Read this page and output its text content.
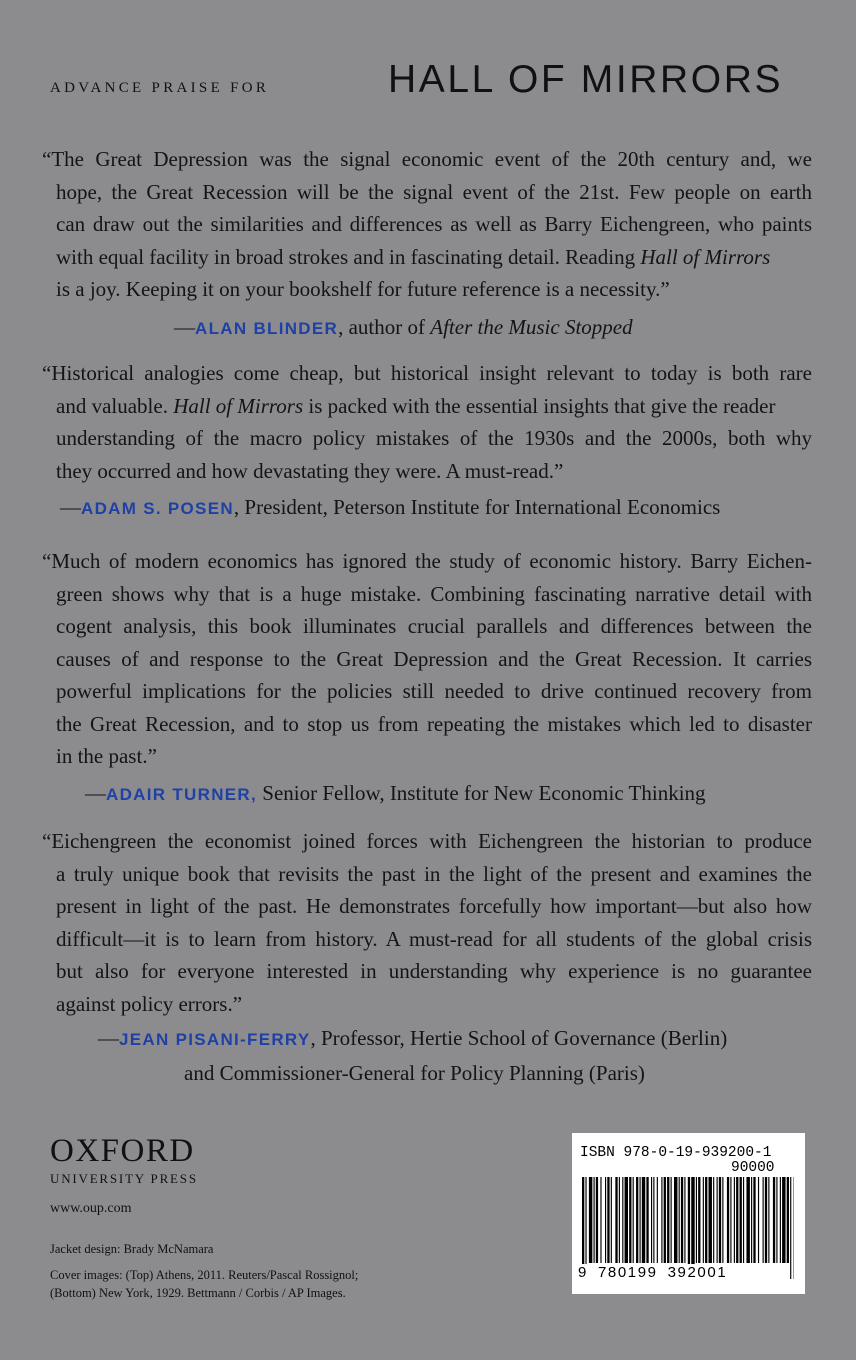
ADVANCE PRAISE FOR	HALL OF MIRRORS
“The Great Depression was the signal economic event of the 20th century and, we
hope, the Great Recession will be the signal event of the 21st. Few people on earth
can draw out the similarities and differences as well as Barry Eichengreen, who paints
with equal facility in broad strokes and in fascinating detail. Reading Hall of Mirrors
is a joy. Keeping it on your bookshelf for future reference is a necessity.”
—ALAN BLINDER, author of After the Music Stopped
“Historical analogies come cheap, but historical insight relevant to today is both rare
and valuable. Hall of Mirrors is packed with the essential insights that give the reader
understanding of the macro policy mistakes of the 1930s and the 2000s, both why
they occurred and how devastating they were. A must-read.”
—ADAM S. POSEN, President, Peterson Institute for International Economics
“Much of modern economics has ignored the study of economic history. Barry Eichen-
green shows why that is a huge mistake. Combining fascinating narrative detail with
cogent analysis, this book illuminates crucial parallels and differences between the
causes of and response to the Great Depression and the Great Recession. It carries
powerful implications for the policies still needed to drive continued recovery from
the Great Recession, and to stop us from repeating the mistakes which led to disaster
in the past.”
—ADAIR TURNER, Senior Fellow, Institute for New Economic Thinking
“Eichengreen the economist joined forces with Eichengreen the historian to produce
a truly unique book that revisits the past in the light of the present and examines the
present in light of the past. He demonstrates forcefully how important—but also how
difficult—it is to learn from history. A must-read for all students of the global crisis
but also for everyone interested in understanding why experience is no guarantee
against policy errors.”
—JEAN PISANI-FERRY, Professor, Hertie School of Governance (Berlin)
and Commissioner-General for Policy Planning (Paris)
OXFORD
UNIVERSITY PRESS
www.oup.com
Jacket design: Brady McNamara
Cover images: (Top) Athens, 2011. Reuters/Pascal Rossignol;
(Bottom) New York, 1929. Bettmann / Corbis / AP Images.
ISBN 978-0-19-939200-1
90000
9 780199 392001
